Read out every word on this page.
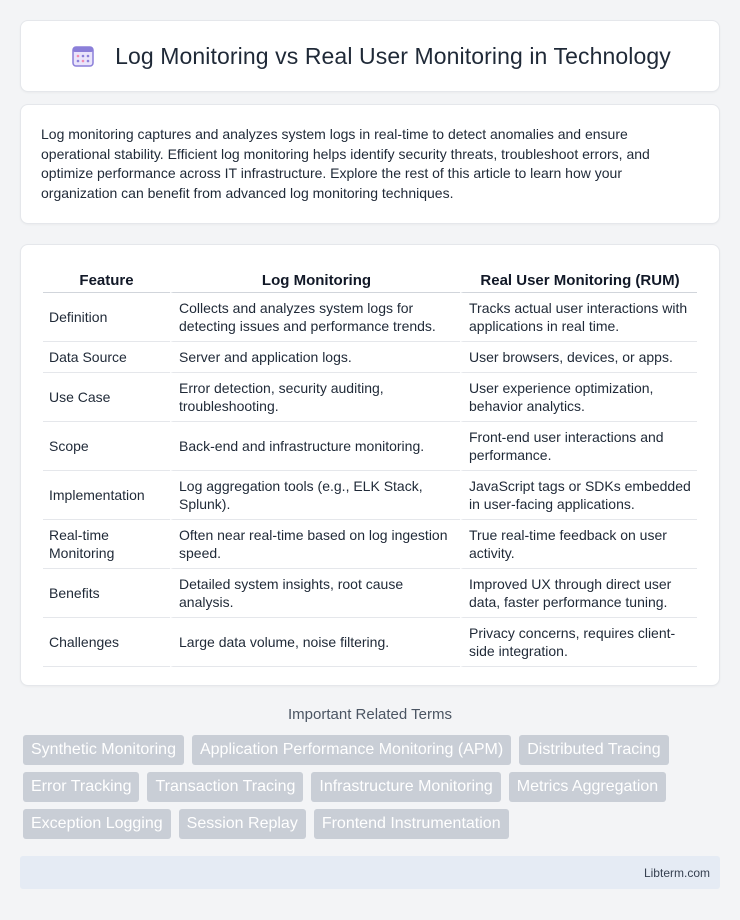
Log Monitoring vs Real User Monitoring in Technology

Log monitoring captures and analyzes system logs in real-time to detect anomalies and ensure operational stability. Efficient log monitoring helps identify security threats, troubleshoot errors, and optimize performance across IT infrastructure. Explore the rest of this article to learn how your organization can benefit from advanced log monitoring techniques.

Feature	Log Monitoring	Real User Monitoring (RUM)
Definition	Collects and analyzes system logs for detecting issues and performance trends.	Tracks actual user interactions with applications in real time.
Data Source	Server and application logs.	User browsers, devices, or apps.
Use Case	Error detection, security auditing, troubleshooting.	User experience optimization, behavior analytics.
Scope	Back-end and infrastructure monitoring.	Front-end user interactions and performance.
Implementation	Log aggregation tools (e.g., ELK Stack, Splunk).	JavaScript tags or SDKs embedded in user-facing applications.
Real-time Monitoring	Often near real-time based on log ingestion speed.	True real-time feedback on user activity.
Benefits	Detailed system insights, root cause analysis.	Improved UX through direct user data, faster performance tuning.
Challenges	Large data volume, noise filtering.	Privacy concerns, requires client-side integration.
Important Related Terms
Synthetic Monitoring	Application Performance Monitoring (APM)	Distributed Tracing
Error Tracking	Transaction Tracing	Infrastructure Monitoring	Metrics Aggregation
Exception Logging	Session Replay	Frontend Instrumentation
Libterm.com
